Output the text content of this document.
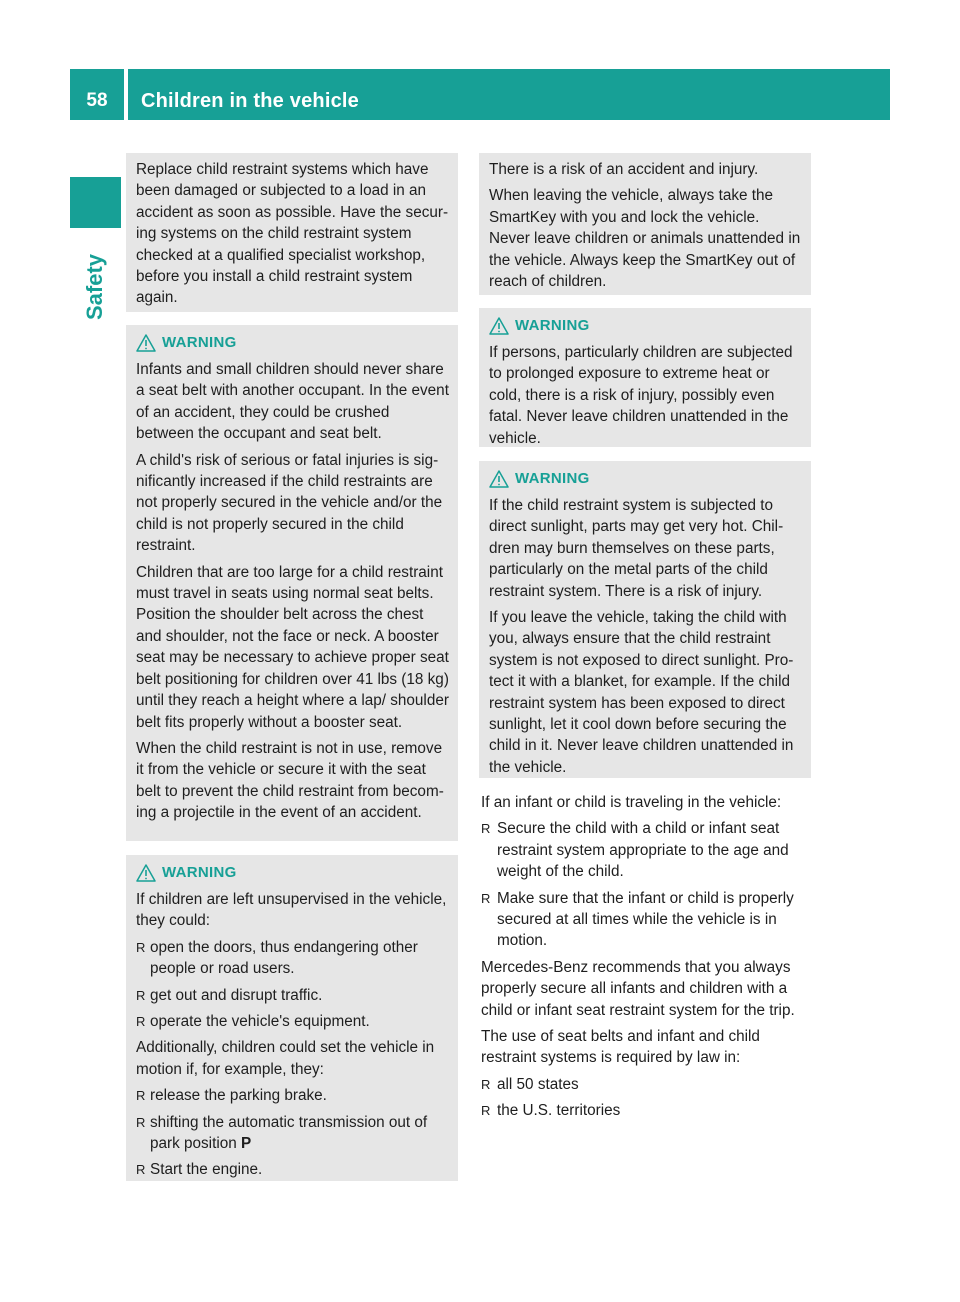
58	Children in the vehicle
Safety

Replace child restraint systems which have been damaged or subjected to a load in an accident as soon as possible. Have the securing systems on the child restraint system checked at a qualified specialist workshop, before you install a child restraint system again.

WARNING

Infants and small children should never share a seat belt with another occupant. In the event of an accident, they could be crushed between the occupant and seat belt.

A child's risk of serious or fatal injuries is significantly increased if the child restraints are not properly secured in the vehicle and/or the child is not properly secured in the child restraint.

Children that are too large for a child restraint must travel in seats using normal seat belts. Position the shoulder belt across the chest and shoulder, not the face or neck. A booster seat may be necessary to achieve proper seat belt positioning for children over 41 lbs (18 kg) until they reach a height where a lap/ shoulder belt fits properly without a booster seat.

When the child restraint is not in use, remove it from the vehicle or secure it with the seat belt to prevent the child restraint from becoming a projectile in the event of an accident.

WARNING

If children are left unsupervised in the vehicle, they could:

R open the doors, thus endangering other people or road users.
R get out and disrupt traffic.
R operate the vehicle's equipment.

Additionally, children could set the vehicle in motion if, for example, they:

R release the parking brake.
R shifting the automatic transmission out of park position P
R Start the engine.

There is a risk of an accident and injury.

When leaving the vehicle, always take the SmartKey with you and lock the vehicle. Never leave children or animals unattended in the vehicle. Always keep the SmartKey out of reach of children.

WARNING

If persons, particularly children are subjected to prolonged exposure to extreme heat or cold, there is a risk of injury, possibly even fatal. Never leave children unattended in the vehicle.

WARNING

If the child restraint system is subjected to direct sunlight, parts may get very hot. Children may burn themselves on these parts, particularly on the metal parts of the child restraint system. There is a risk of injury.

If you leave the vehicle, taking the child with you, always ensure that the child restraint system is not exposed to direct sunlight. Protect it with a blanket, for example. If the child restraint system has been exposed to direct sunlight, let it cool down before securing the child in it. Never leave children unattended in the vehicle.

If an infant or child is traveling in the vehicle:

R Secure the child with a child or infant seat restraint system appropriate to the age and weight of the child.
R Make sure that the infant or child is properly secured at all times while the vehicle is in motion.

Mercedes-Benz recommends that you always properly secure all infants and children with a child or infant seat restraint system for the trip.

The use of seat belts and infant and child restraint systems is required by law in:

R all 50 states
R the U.S. territories
